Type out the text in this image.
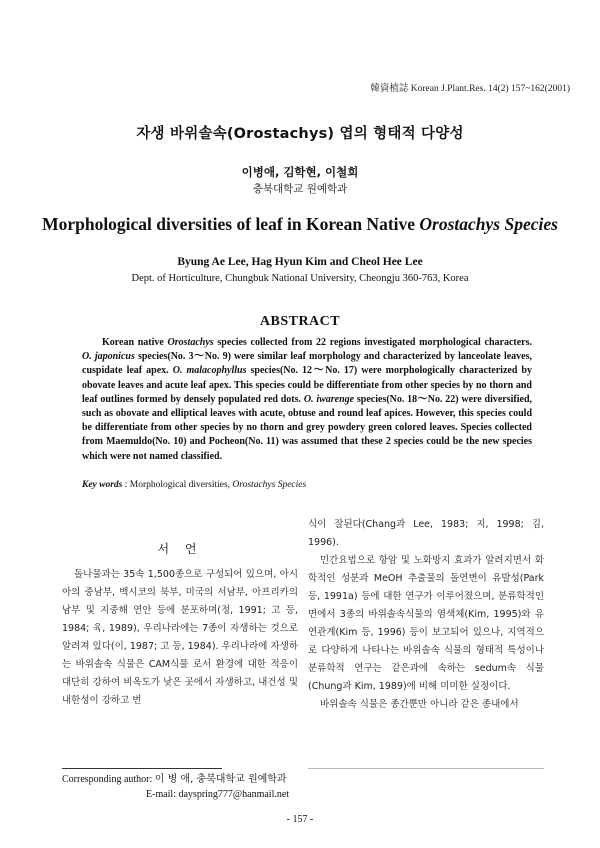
韓資植誌 Korean J.Plant.Res. 14(2) 157~162(2001)
자생 바위솔속(Orostachys) 엽의 형태적 다양성
이병애, 김학현, 이철희
충북대학교 원예학과
Morphological diversities of leaf in Korean Native Orostachys Species
Byung Ae Lee, Hag Hyun Kim and Cheol Hee Lee
Dept. of Horticulture, Chungbuk National University, Cheongju 360-763, Korea
ABSTRACT
Korean native Orostachys species collected from 22 regions investigated morphological characters. O. japonicus species(No. 3～No. 9) were similar leaf morphology and characterized by lanceolate leaves, cuspidate leaf apex. O. malacophyllus species(No. 12～No. 17) were morphologically characterized by obovate leaves and acute leaf apex. This species could be differentiate from other species by no thorn and leaf outlines formed by densely populated red dots. O. iwarenge species(No. 18～No. 22) were diversified, such as obovate and elliptical leaves with acute, obtuse and round leaf apices. However, this species could be differentiate from other species by no thorn and grey powdery green colored leaves. Species collected from Maemuldo(No. 10) and Pocheon(No. 11) was assumed that these 2 species could be the new species which were not named classified.
Key words : Morphological diversities, Orostachys Species
서 언

돌나물과는 35속 1,500종으로 구성되어 있으며, 아시아의 중남부, 백시코의 북부, 미국의 서남부, 아프리카의 남부 및 지중해 연안 등에 분포하며(정, 1991; 고 등, 1984; 육, 1989), 우리나라에는 7종이 자생하는 것으로 알려져 있다(이, 1987; 고 등, 1984). 우리나라에 자생하는 바위솔속 식물은 CAM식물 로서 환경에 대한 적응이 대단히 강하여 비옥도가 낮은 곳에서 자생하고, 내건성 및 내한성이 강하고 번

식이 잘된다(Chang과 Lee, 1983; 지, 1998; 김, 1996).

민간요법으로 항암 및 노화방지 효과가 알려지면서 화학적인 성분과 MeOH 추출물의 돌연변이 유발성(Park 등, 1991a) 등에 대한 연구가 이루어졌으며, 분류학적인 면에서 3종의 바위솔속식물의 염색체(Kim, 1995)와 유연관계(Kim 등, 1996) 등이 보고되어 있으나, 지역적으로 다양하게 나타나는 바위솔속 식물의 형태적 특성이나 분류학적 연구는 같은과에 속하는 sedum속 식물(Chung과 Kim, 1989)에 비해 미미한 실정이다.

바위솔속 식물은 종간뿐만 아니라 같은 종내에서

Corresponding author: 이 병 애, 충북대학교 원예학과
E-mail: dayspring777@hanmail.net
- 157 -
